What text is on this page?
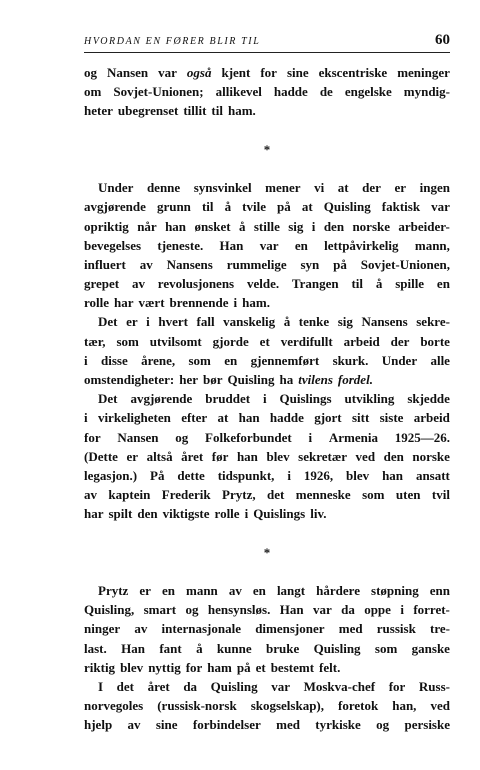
HVORDAN EN FØRER BLIR TIL	60
og Nansen var også kjent for sine ekscentriske meninger
om Sovjet-Unionen; allikevel hadde de engelske myndig-
heter ubegrenset tillit til ham.
*
Under denne synsvinkel mener vi at der er ingen
avgjørende grunn til å tvile på at Quisling faktisk var
opriktig når han ønsket å stille sig i den norske arbeider-
bevegelses tjeneste. Han var en lettpåvirkelig mann,
influert av Nansens rummelige syn på Sovjet-Unionen,
grepet av revolusjonens velde. Trangen til å spille en
rolle har vært brennende i ham.
Det er i hvert fall vanskelig å tenke sig Nansens sekre-
tær, som utvilsomt gjorde et verdifullt arbeid der borte
i disse årene, som en gjennemført skurk. Under alle
omstendigheter: her bør Quisling ha tvilens fordel.
Det avgjørende bruddet i Quislings utvikling skjedde
i virkeligheten efter at han hadde gjort sitt siste arbeid
for Nansen og Folkeforbundet i Armenia 1925—26.
(Dette er altså året før han blev sekretær ved den norske
legasjon.) På dette tidspunkt, i 1926, blev han ansatt
av kaptein Frederik Prytz, det menneske som uten tvil
har spilt den viktigste rolle i Quislings liv.
*
Prytz er en mann av en langt hårdere støpning enn
Quisling, smart og hensynsløs. Han var da oppe i forret-
ninger av internasjonale dimensjoner med russisk tre-
last. Han fant å kunne bruke Quisling som ganske
riktig blev nyttig for ham på et bestemt felt.
I det året da Quisling var Moskva-chef for Russ-
norvegoles (russisk-norsk skogselskap), foretok han, ved
hjelp av sine forbindelser med tyrkiske og persiske
